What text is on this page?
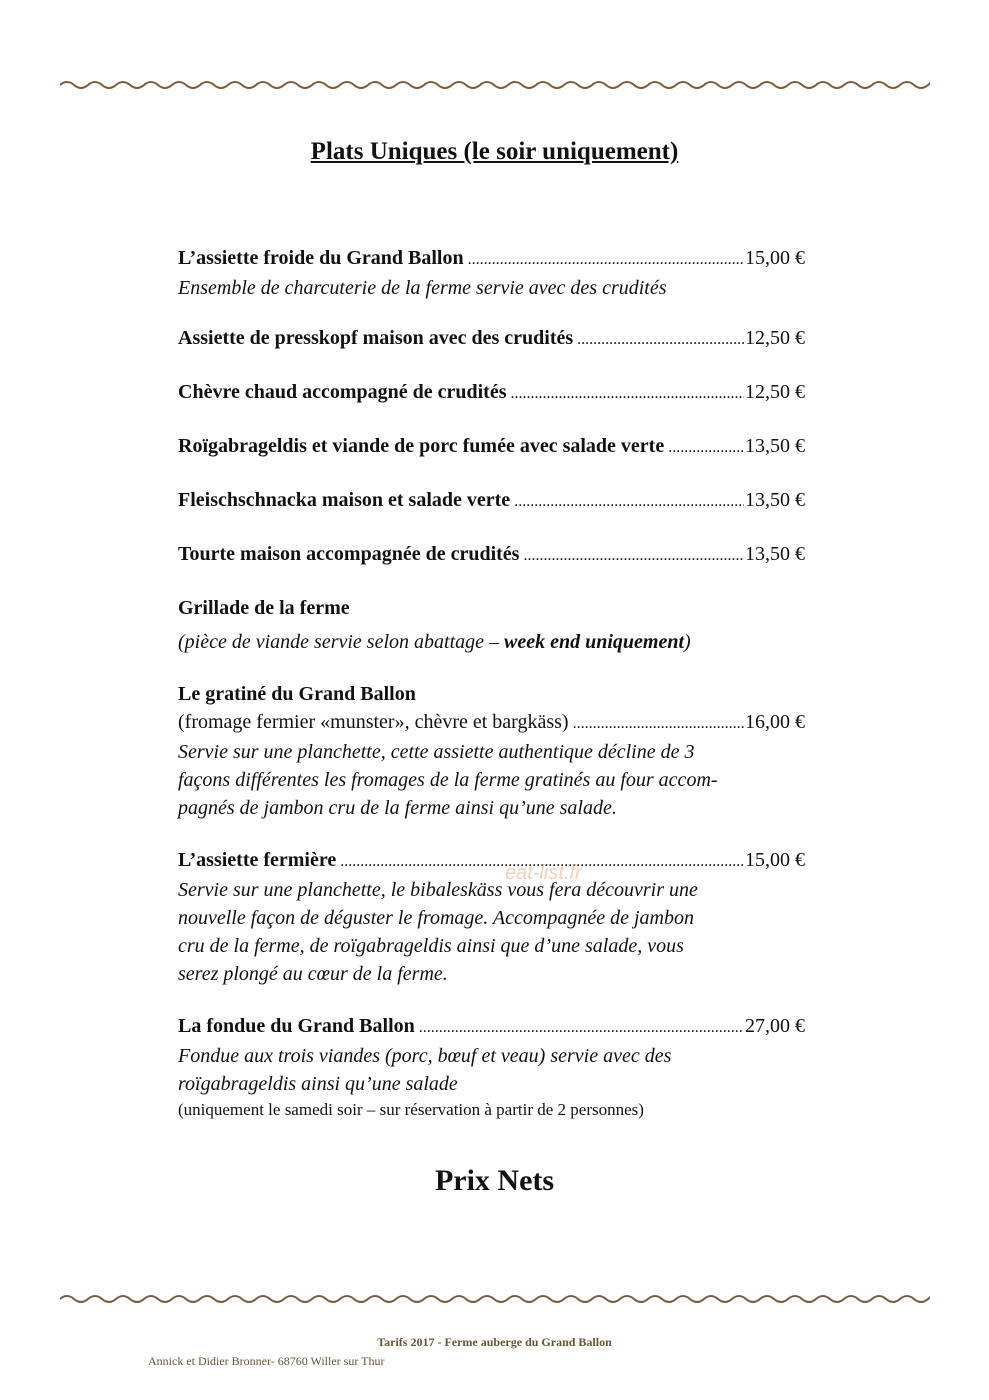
Plats Uniques (le soir uniquement)
L’assiette froide du Grand Ballon .....	15,00 €
Ensemble de charcuterie de la ferme servie avec des crudités
Assiette de presskopf maison avec des crudités .....	12,50 €
Chèvre chaud accompagné de crudités .....	12,50 €
Roïgabrageldis et viande de porc fumée avec salade verte .....	13,50 €
Fleischschnacka maison et salade verte .....	13,50 €
Tourte maison accompagnée de crudités .....	13,50 €
Grillade de la ferme
(pièce de viande servie selon abattage – week end uniquement)
Le gratiné du Grand Ballon
(fromage fermier «munster», chèvre et bargkäss) .....	16,00 €
Servie sur une planchette, cette assiette authentique décline de 3
façons différentes les fromages de la ferme gratinés au four accom-
pagnés de jambon cru de la ferme ainsi qu’une salade.
L’assiette fermière .....	15,00 €
Servie sur une planchette, le bibaleskäss vous fera découvrir une
nouvelle façon de déguster le fromage. Accompagnée de jambon
cru de la ferme, de roïgabrageldis ainsi que d’une salade, vous
serez plongé au cœur de la ferme.
La fondue du Grand Ballon .....	27,00 €
Fondue aux trois viandes (porc, bœuf et veau) servie avec des
roïgabrageldis ainsi qu’une salade
(uniquement le samedi soir – sur réservation à partir de 2 personnes)
eat-list.fr
Prix Nets
Tarifs 2017 - Ferme auberge du Grand Ballon
Annick et Didier Bronner- 68760 Willer sur Thur
